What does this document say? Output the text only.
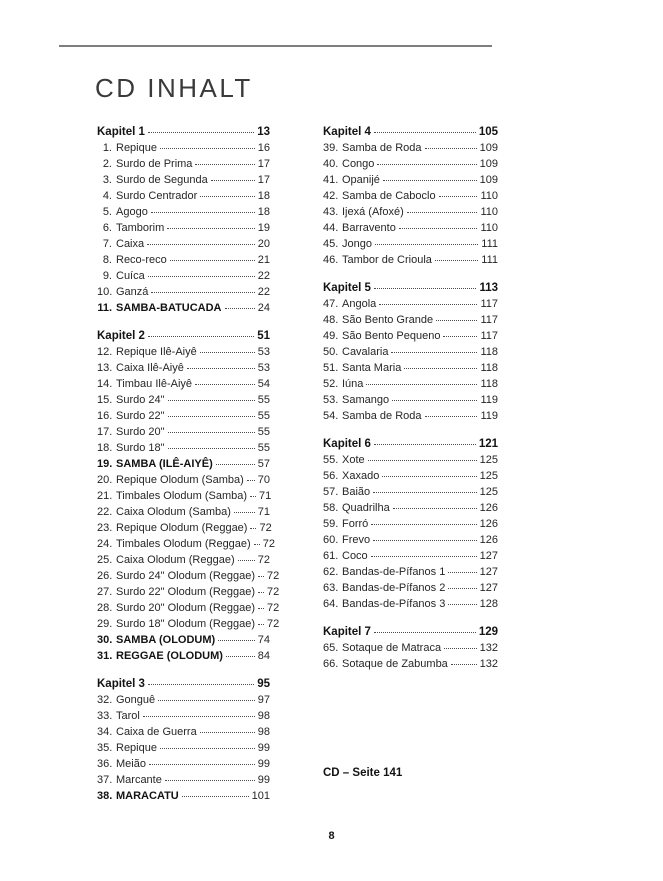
CD INHALT
Kapitel 1	13
1. Repique	16
2. Surdo de Prima	17
3. Surdo de Segunda	17
4. Surdo Centrador	18
5. Agogo	18
6. Tamborim	19
7. Caixa	20
8. Reco-reco	21
9. Cuíca	22
10. Ganzá	22
11. SAMBA-BATUCADA	24
Kapitel 2	51
12. Repique Ilê-Aiyê	53
13. Caixa Ilê-Aiyê	53
14. Timbau Ilê-Aiyê	54
15. Surdo 24"	55
16. Surdo 22"	55
17. Surdo 20"	55
18. Surdo 18"	55
19. SAMBA (ILÊ-AIYÊ)	57
20. Repique Olodum (Samba) 70
21. Timbales Olodum (Samba) 71
22. Caixa Olodum (Samba) 71
23. Repique Olodum (Reggae) 72
24. Timbales Olodum (Reggae) 72
25. Caixa Olodum (Reggae) 72
26. Surdo 24" Olodum (Reggae) 72
27. Surdo 22" Olodum (Reggae) 72
28. Surdo 20" Olodum (Reggae) 72
29. Surdo 18" Olodum (Reggae) 72
30. SAMBA (OLODUM)	74
31. REGGAE (OLODUM)	84
Kapitel 3	95
32. Gonguê	97
33. Tarol	98
34. Caixa de Guerra	98
35. Repique	99
36. Meião	99
37. Marcante	99
38. MARACATU	101
Kapitel 4	105
39. Samba de Roda	109
40. Congo	109
41. Opanijé	109
42. Samba de Caboclo	110
43. Ijexá (Afoxé)	110
44. Barravento	110
45. Jongo	111
46. Tambor de Crioula	111
Kapitel 5	113
47. Angola	117
48. São Bento Grande	117
49. São Bento Pequeno	117
50. Cavalaria	118
51. Santa Maria	118
52. Iúna	118
53. Samango	119
54. Samba de Roda	119
Kapitel 6	121
55. Xote	125
56. Xaxado	125
57. Baião	125
58. Quadrilha	126
59. Forró	126
60. Frevo	126
61. Coco	127
62. Bandas-de-Pífanos 1	127
63. Bandas-de-Pífanos 2	127
64. Bandas-de-Pífanos 3	128
Kapitel 7	129
65. Sotaque de Matraca	132
66. Sotaque de Zabumba	132
CD – Seite 141
8
